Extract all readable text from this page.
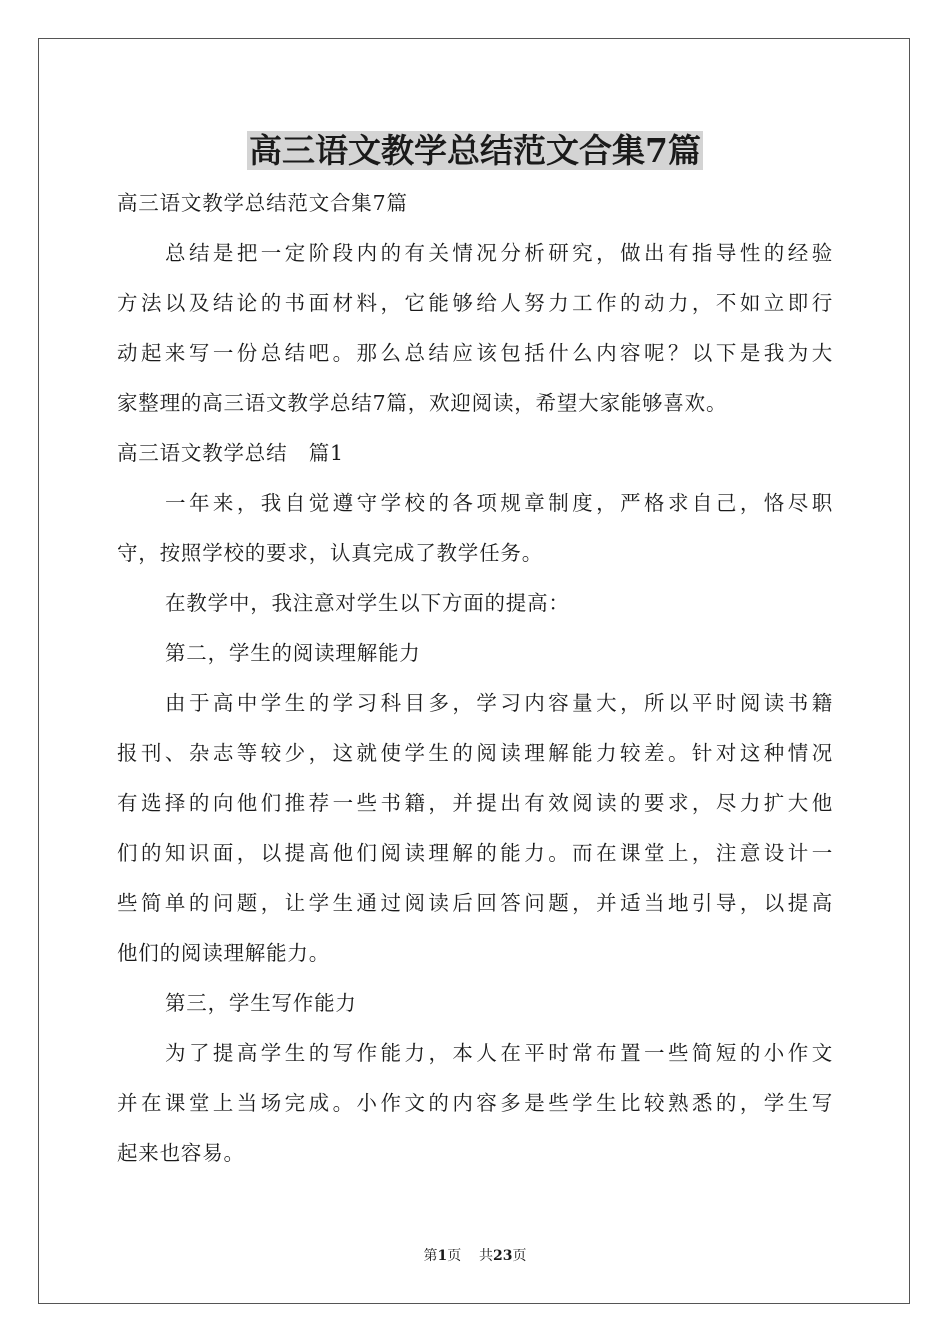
高三语文教学总结范文合集7篇

高三语文教学总结范文合集7篇

总结是把一定阶段内的有关情况分析研究，做出有指导性的经验

方法以及结论的书面材料，它能够给人努力工作的动力，不如立即行

动起来写一份总结吧。那么总结应该包括什么内容呢？以下是我为大

家整理的高三语文教学总结7篇，欢迎阅读，希望大家能够喜欢。

高三语文教学总结　篇1

一年来，我自觉遵守学校的各项规章制度，严格求自己，恪尽职

守，按照学校的要求，认真完成了教学任务。

在教学中，我注意对学生以下方面的提高：

第二，学生的阅读理解能力

由于高中学生的学习科目多，学习内容量大，所以平时阅读书籍

报刊、杂志等较少，这就使学生的阅读理解能力较差。针对这种情况

有选择的向他们推荐一些书籍，并提出有效阅读的要求，尽力扩大他

们的知识面，以提高他们阅读理解的能力。而在课堂上，注意设计一

些简单的问题，让学生通过阅读后回答问题，并适当地引导，以提高

他们的阅读理解能力。

第三，学生写作能力

为了提高学生的写作能力，本人在平时常布置一些简短的小作文

并在课堂上当场完成。小作文的内容多是些学生比较熟悉的，学生写

起来也容易。

第1页 共23页
